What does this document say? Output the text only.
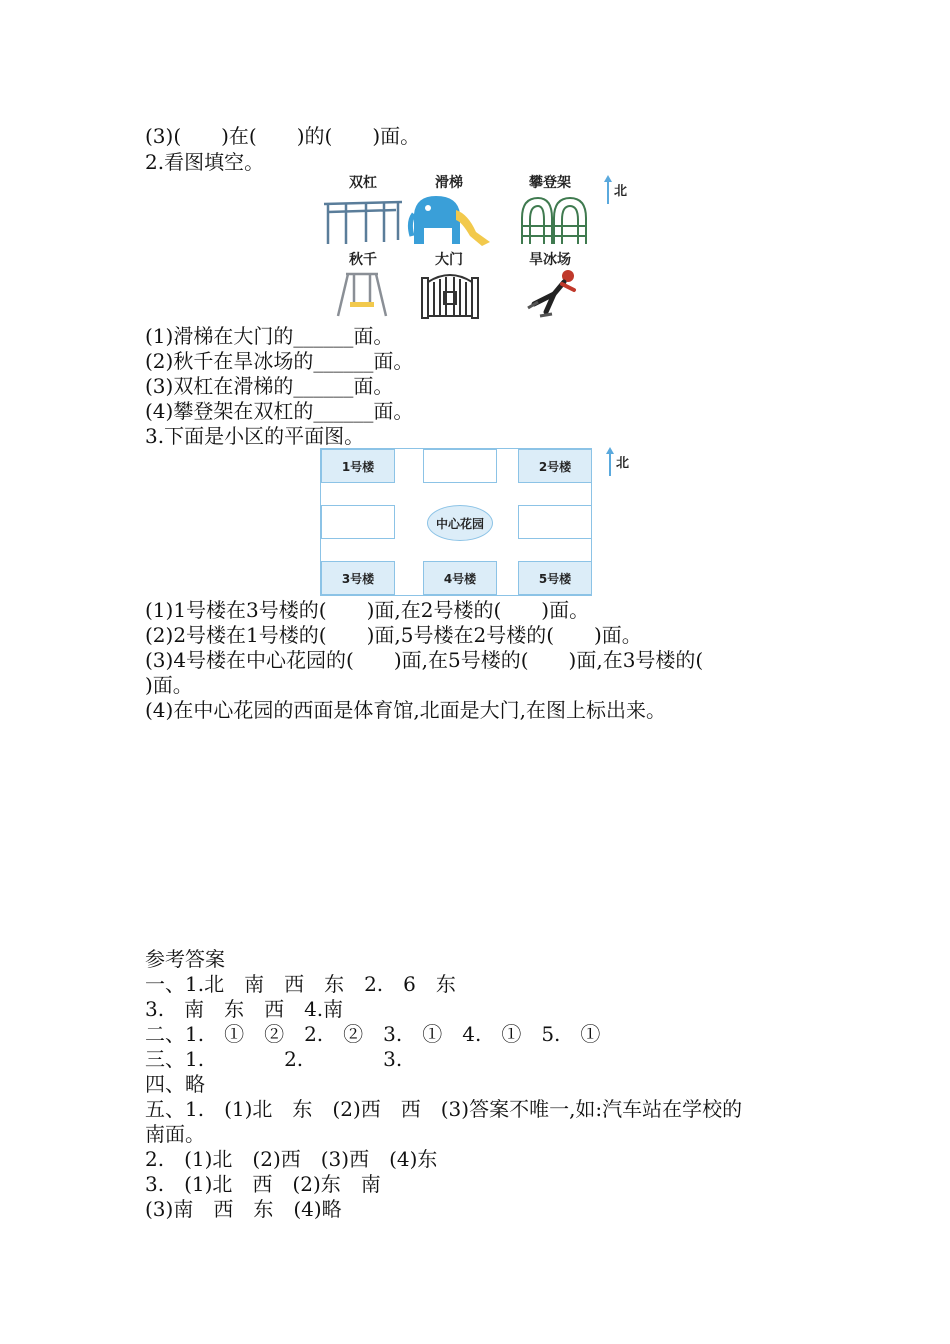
(3)(　　)在(　　)的(　　)面。
2.看图填空。
双杠	滑梯	攀登架
秋千	大门	旱冰场
北
(1)滑梯在大门的______面。
(2)秋千在旱冰场的______面。
(3)双杠在滑梯的______面。
(4)攀登架在双杠的______面。
3.下面是小区的平面图。
1号楼	2号楼
中心花园
3号楼	4号楼	5号楼
北
(1)1号楼在3号楼的(　　)面,在2号楼的(　　)面。
(2)2号楼在1号楼的(　　)面,5号楼在2号楼的(　　)面。
(3)4号楼在中心花园的(　　)面,在5号楼的(　　)面,在3号楼的(
)面。
(4)在中心花园的西面是体育馆,北面是大门,在图上标出来。
参考答案
一、1.北　南　西　东　2.　6　东
3.　南　东　西　4.南
二、1.　①　②　2.　②　3.　①　4.　①　5.　①
三、1.　　　　2.　　　　3.
四、略
五、1.　(1)北　东　(2)西　西　(3)答案不唯一,如:汽车站在学校的
南面。
2.　(1)北　(2)西　(3)西　(4)东
3.　(1)北　西　(2)东　南
(3)南　西　东　(4)略
